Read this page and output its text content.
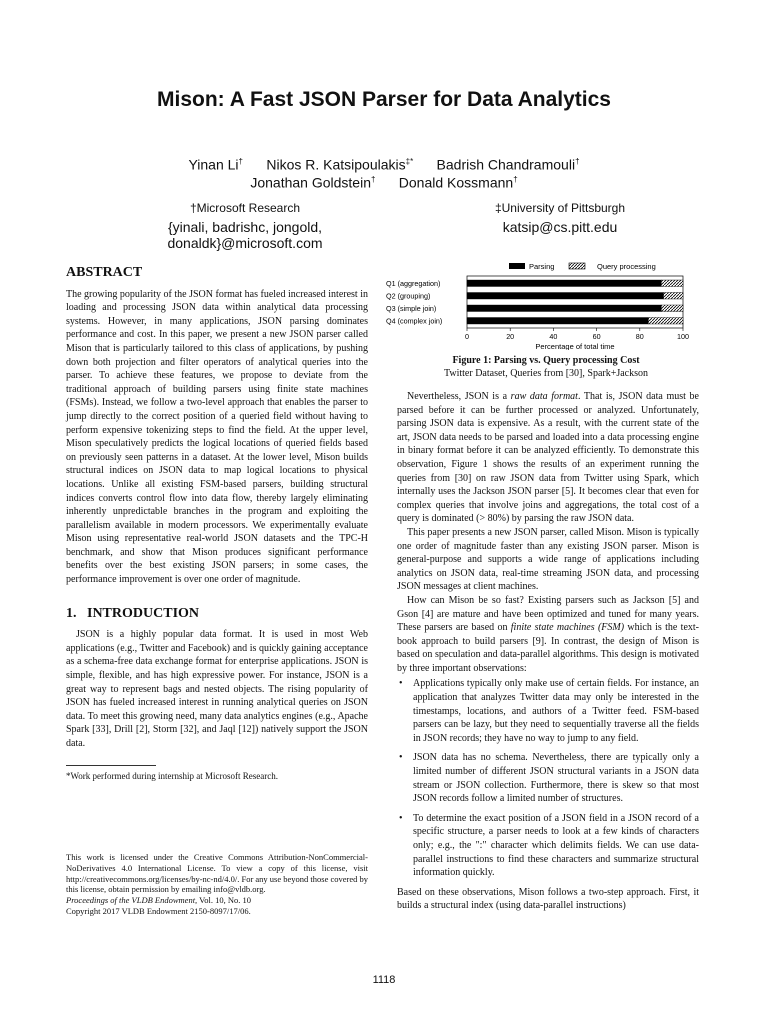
Mison: A Fast JSON Parser for Data Analytics
Yinan Li† Nikos R. Katsipoulakis‡* Badrish Chandramouli†
Jonathan Goldstein† Donald Kossmann†
†Microsoft Research
{yinali, badrishc, jongold, donaldk}@microsoft.com
‡University of Pittsburgh
katsip@cs.pitt.edu
ABSTRACT

The growing popularity of the JSON format has fueled increased interest in loading and processing JSON data within analytical data processing systems. However, in many applications, JSON parsing dominates performance and cost. In this paper, we present a new JSON parser called Mison that is particularly tailored to this class of applications, by pushing down both projection and filter operators of analytical queries into the parser. To achieve these features, we propose to deviate from the traditional approach of building parsers using finite state machines (FSMs). Instead, we follow a two-level approach that enables the parser to jump directly to the correct position of a queried field without having to perform expensive tokenizing steps to find the field. At the upper level, Mison speculatively predicts the logical locations of queried fields based on previously seen patterns in a dataset. At the lower level, Mison builds structural indices on JSON data to map logical locations to physical locations. Unlike all existing FSM-based parsers, building structural indices converts control flow into data flow, thereby largely eliminating inherently unpredictable branches in the program and exploiting the parallelism available in modern processors. We experimentally evaluate Mison using representative real-world JSON datasets and the TPC-H benchmark, and show that Mison produces significant performance benefits over the best existing JSON parsers; in some cases, the performance improvement is over one order of magnitude.

1. INTRODUCTION

JSON is a highly popular data format. It is used in most Web applications (e.g., Twitter and Facebook) and is quickly gaining acceptance as a schema-free data exchange format for enterprise applications. JSON is simple, flexible, and has high expressive power. For instance, JSON is a great way to represent bags and nested objects. The rising popularity of JSON has fueled increased interest in running analytical queries on JSON data. To meet this growing need, many data analytics engines (e.g., Apache Spark [33], Drill [2], Storm [32], and Jaql [12]) natively support the JSON data.

*Work performed during internship at Microsoft Research.
This work is licensed under the Creative Commons Attribution-NonCommercial-NoDerivatives 4.0 International License. To view a copy of this license, visit http://creativecommons.org/licenses/by-nc-nd/4.0/. For any use beyond those covered by this license, obtain permission by emailing info@vldb.org.
Proceedings of the VLDB Endowment, Vol. 10, No. 10
Copyright 2017 VLDB Endowment 2150-8097/17/06.
Parsing	Query processing
Q1 (aggregation)
Q2 (grouping)
Q3 (simple join)
Q4 (complex join)
0	20	40	60	80	100
Percentage of total time
Figure 1: Parsing vs. Query processing Cost
Twitter Dataset, Queries from [30], Spark+Jackson

Nevertheless, JSON is a raw data format. That is, JSON data must be parsed before it can be further processed or analyzed. Unfortunately, parsing JSON data is expensive. As a result, with the current state of the art, JSON data needs to be parsed and loaded into a data processing engine in binary format before it can be analyzed efficiently. To demonstrate this observation, Figure 1 shows the results of an experiment running the queries from [30] on raw JSON data from Twitter using Spark, which internally uses the Jackson JSON parser [5]. It becomes clear that even for complex queries that involve joins and aggregations, the total cost of a query is dominated (> 80%) by parsing the raw JSON data.

This paper presents a new JSON parser, called Mison. Mison is typically one order of magnitude faster than any existing JSON parser. Mison is general-purpose and supports a wide range of applications including analytics on JSON data, real-time streaming JSON data, and processing JSON messages at client machines.

How can Mison be so fast? Existing parsers such as Jackson [5] and Gson [4] are mature and have been optimized and tuned for many years. These parsers are based on finite state machines (FSM) which is the text-book approach to build parsers [9]. In contrast, the design of Mison is based on speculation and data-parallel algorithms. This design is motivated by three important observations:

• Applications typically only make use of certain fields. For instance, an application that analyzes Twitter data may only be interested in the timestamps, locations, and authors of a Twitter feed. FSM-based parsers can be lazy, but they need to sequentially traverse all the fields in JSON records; they have no way to jump to any field.
• JSON data has no schema. Nevertheless, there are typically only a limited number of different JSON structural variants in a JSON data stream or JSON collection. Furthermore, there is skew so that most JSON records follow a limited number of structures.
• To determine the exact position of a JSON field in a JSON record of a specific structure, a parser needs to look at a few kinds of characters only; e.g., the ":" character which delimits fields. We can use data-parallel instructions to find these characters and summarize structural information quickly.

Based on these observations, Mison follows a two-step approach. First, it builds a structural index (using data-parallel instructions)

1118
